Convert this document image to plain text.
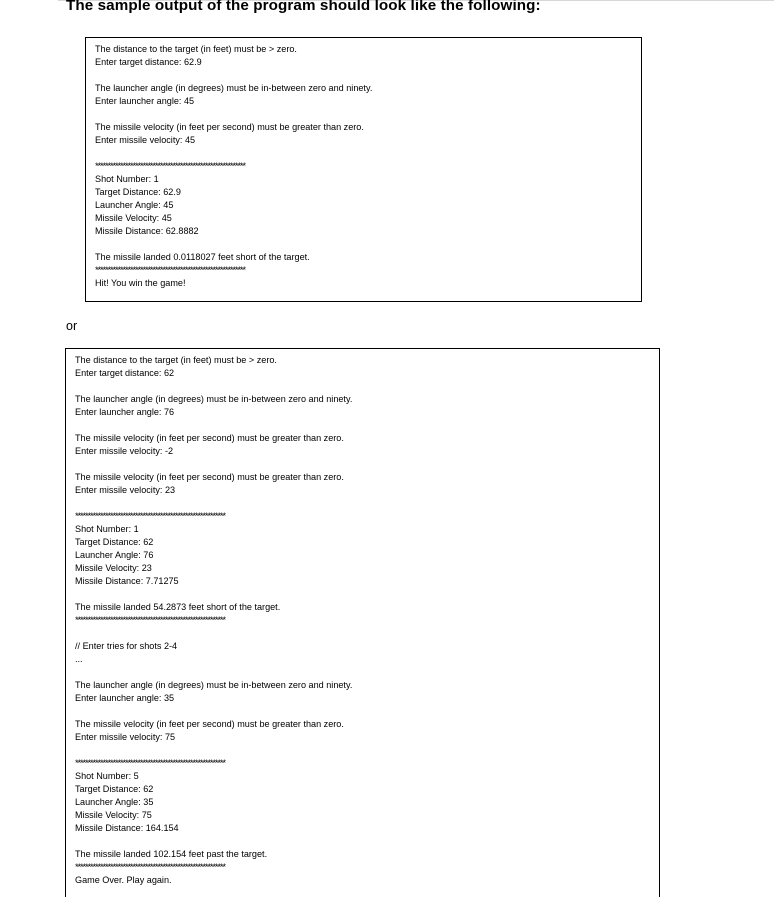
The sample output of the program should look like the following:
The distance to the target (in feet) must be > zero.
Enter target distance: 62.9
The launcher angle (in degrees) must be in-between zero and ninety.
Enter launcher angle: 45
The missile velocity (in feet per second) must be greater than zero.
Enter missile velocity: 45
************************************************************
Shot Number: 1
Target Distance: 62.9
Launcher Angle: 45
Missile Velocity: 45
Missile Distance: 62.8882
The missile landed 0.0118027 feet short of the target.
************************************************************
Hit! You win the game!
or
The distance to the target (in feet) must be > zero.
Enter target distance: 62
The launcher angle (in degrees) must be in-between zero and ninety.
Enter launcher angle: 76
The missile velocity (in feet per second) must be greater than zero.
Enter missile velocity: -2
The missile velocity (in feet per second) must be greater than zero.
Enter missile velocity: 23
************************************************************
Shot Number: 1
Target Distance: 62
Launcher Angle: 76
Missile Velocity: 23
Missile Distance: 7.71275
The missile landed 54.2873 feet short of the target.
************************************************************
// Enter tries for shots 2-4
...
The launcher angle (in degrees) must be in-between zero and ninety.
Enter launcher angle: 35
The missile velocity (in feet per second) must be greater than zero.
Enter missile velocity: 75
************************************************************
Shot Number: 5
Target Distance: 62
Launcher Angle: 35
Missile Velocity: 75
Missile Distance: 164.154
The missile landed 102.154 feet past the target.
************************************************************
Game Over. Play again.
